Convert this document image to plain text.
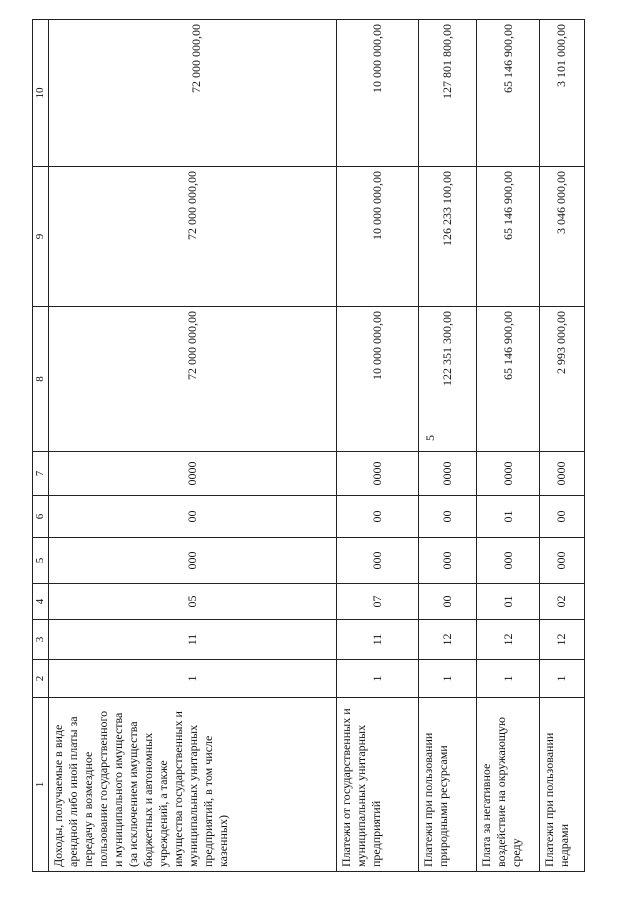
5
1	2	3	4	5	6	7	8	9	10
Доходы, получаемые в виде арендной либо иной платы за передачу в возмездное пользование государственного и муниципального имущества (за исключением имущества бюджетных и автономных учреждений, а также имущества государственных и муниципальных унитарных предприятий, в том числе казенных)	1	11	05	000	00	0000	72 000 000,00	72 000 000,00	72 000 000,00
Платежи от государственных и муниципальных унитарных предприятий	1	11	07	000	00	0000	10 000 000,00	10 000 000,00	10 000 000,00
Платежи при пользовании природными ресурсами	1	12	00	000	00	0000	122 351 300,00	126 233 100,00	127 801 800,00
Плата за негативное воздействие на окружающую среду	1	12	01	000	01	0000	65 146 900,00	65 146 900,00	65 146 900,00
Платежи при пользовании недрами	1	12	02	000	00	0000	2 993 000,00	3 046 000,00	3 101 000,00
